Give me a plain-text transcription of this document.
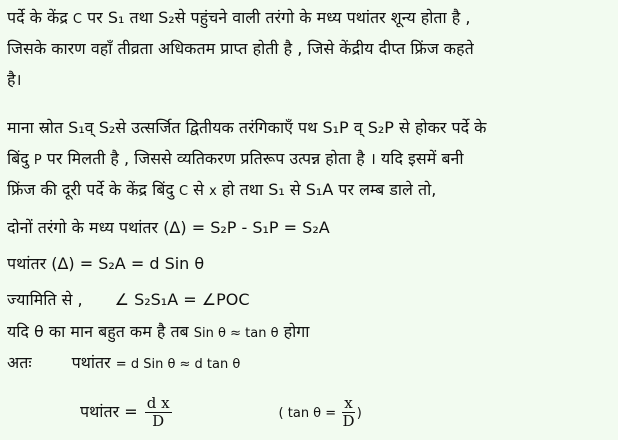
पर्दे के केंद्र C पर S₁ तथा S₂से पहुंचने वाली तरंगो के मध्य पथांतर शून्य होता है ,
जिसके कारण वहाँ तीव्रता अधिकतम प्राप्त होती है , जिसे केंद्रीय दीप्त फ्रिंज कहते
है।
माना स्रोत S₁व् S₂से उत्सर्जित द्वितीयक तरंगिकाएँ पथ S₁P व् S₂P से होकर पर्दे के
बिंदु P पर मिलती है , जिससे व्यतिकरण प्रतिरूप उत्पन्न होता है । यदि इसमें बनी
फ्रिंज की दूरी पर्दे के केंद्र बिंदु C से x हो तथा S₁ से S₁A पर लम्ब डाले तो,
दोनों तरंगो के मध्य पथांतर (Δ) = S₂P - S₁P = S₂A
पथांतर (Δ) = S₂A = d Sin θ
ज्यामिति से , ∠ S₂S₁A = ∠POC
यदि θ का मान बहुत कम है तब Sin θ ≈ tan θ होगा
अतः	पथांतर = d Sin θ ≈ d tan θ
पथांतर = $\frac{\text{d x}}{D}$	( $\tan \theta = \frac{x}{D}$ )
